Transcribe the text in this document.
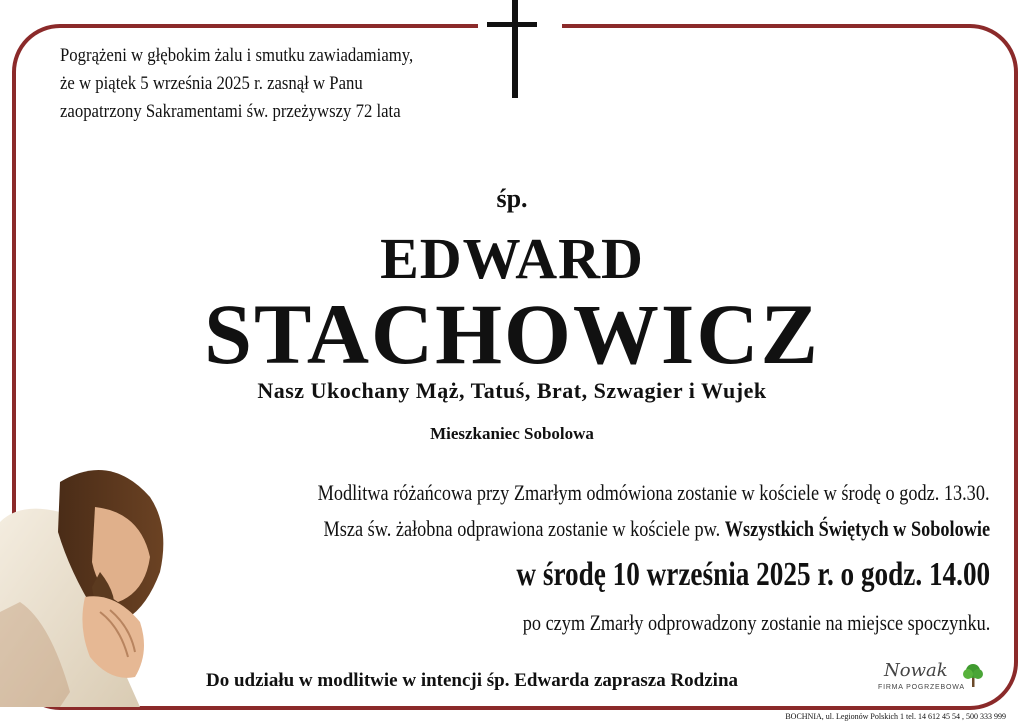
Pogrążeni w głębokim żalu i smutku zawiadamiamy,
że w piątek 5 września 2025 r. zasnął w Panu
zaopatrzony Sakramentami św. przeżywszy 72 lata
śp.
EDWARD
STACHOWICZ
Nasz Ukochany Mąż, Tatuś, Brat, Szwagier i Wujek
Mieszkaniec Sobolowa
Modlitwa różańcowa przy Zmarłym odmówiona zostanie w kościele w środę o godz. 13.30.
Msza św. żałobna odprawiona zostanie w kościele pw. Wszystkich Świętych w Sobolowie
w środę 10 września 2025 r. o godz. 14.00
po czym Zmarły odprowadzony zostanie na miejsce spoczynku.
Do udziału w modlitwie w intencji śp. Edwarda zaprasza Rodzina	Nowak
FIRMA POGRZEBOWA
BOCHNIA, ul. Legionów Polskich 1 tel. 14 612 45 54 , 500 333 999
